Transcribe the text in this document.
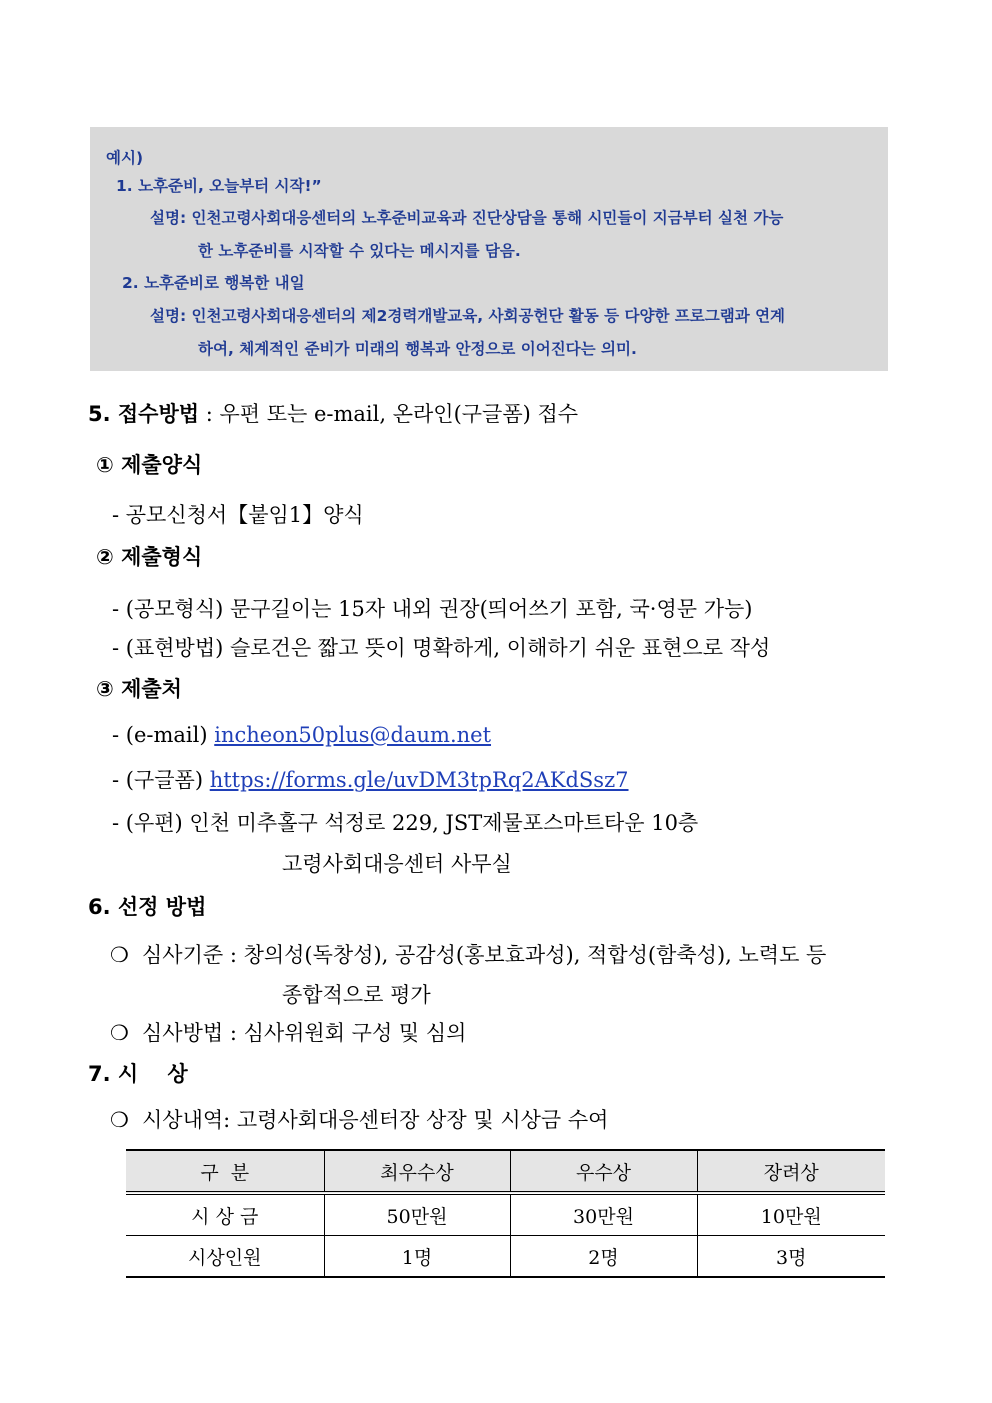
예시)
1. 노후준비, 오늘부터 시작!”
설명: 인천고령사회대응센터의 노후준비교육과 진단상담을 통해 시민들이 지금부터 실천 가능
한 노후준비를 시작할 수 있다는 메시지를 담음.
2. 노후준비로 행복한 내일
설명: 인천고령사회대응센터의 제2경력개발교육, 사회공헌단 활동 등 다양한 프로그램과 연계
하여, 체계적인 준비가 미래의 행복과 안정으로 이어진다는 의미.
5. 접수방법 : 우편 또는 e-mail, 온라인(구글폼) 접수
① 제출양식
- 공모신청서【붙임1】양식
② 제출형식
- (공모형식) 문구길이는 15자 내외 권장(띄어쓰기 포함, 국·영문 가능)
- (표현방법) 슬로건은 짧고 뜻이 명확하게, 이해하기 쉬운 표현으로 작성
③ 제출처
- (e-mail) incheon50plus@daum.net
- (구글폼) https://forms.gle/uvDM3tpRq2AKdSsz7
- (우편) 인천 미추홀구 석정로 229, JST제물포스마트타운 10층
고령사회대응센터 사무실
6. 선정 방법
❍ 심사기준 : 창의성(독창성), 공감성(홍보효과성), 적합성(함축성), 노력도 등
종합적으로 평가
❍ 심사방법 : 심사위원회 구성 및 심의
7. 시    상
❍ 시상내역: 고령사회대응센터장 상장 및 시상금 수여
구  분	최우수상	우수상	장려상
시 상 금	50만원	30만원	10만원
시상인원	1명	2명	3명
